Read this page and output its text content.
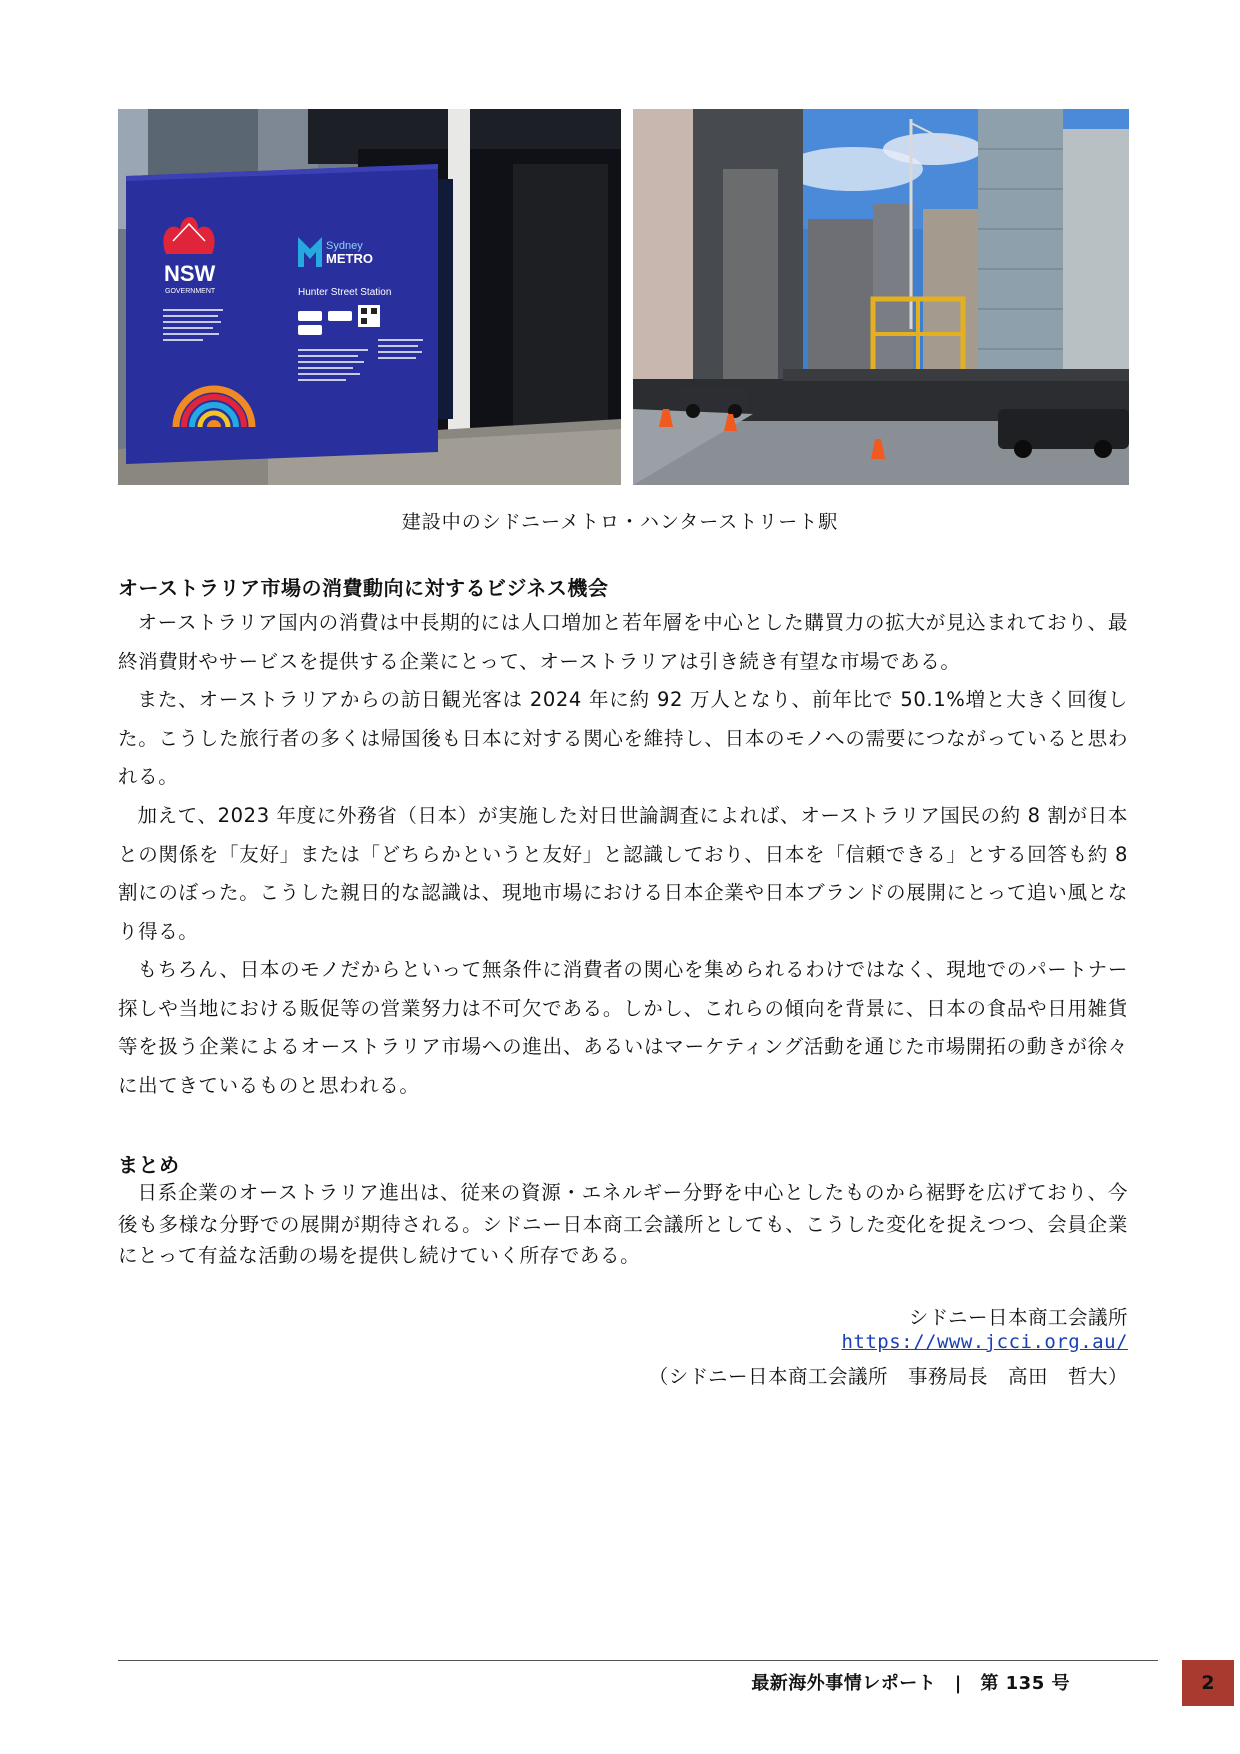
NSW
GOVERNMENT
Sydney
METRO
Hunter Street Station
建設中のシドニーメトロ・ハンターストリート駅
オーストラリア市場の消費動向に対するビジネス機会

オーストラリア国内の消費は中長期的には人口増加と若年層を中心とした購買力の拡大が見込まれており、最終消費財やサービスを提供する企業にとって、オーストラリアは引き続き有望な市場である。

また、オーストラリアからの訪日観光客は 2024 年に約 92 万人となり、前年比で 50.1%増と大きく回復した。こうした旅行者の多くは帰国後も日本に対する関心を維持し、日本のモノへの需要につながっていると思われる。

加えて、2023 年度に外務省（日本）が実施した対日世論調査によれば、オーストラリア国民の約 8 割が日本との関係を「友好」または「どちらかというと友好」と認識しており、日本を「信頼できる」とする回答も約 8 割にのぼった。こうした親日的な認識は、現地市場における日本企業や日本ブランドの展開にとって追い風となり得る。

もちろん、日本のモノだからといって無条件に消費者の関心を集められるわけではなく、現地でのパートナー探しや当地における販促等の営業努力は不可欠である。しかし、これらの傾向を背景に、日本の食品や日用雑貨等を扱う企業によるオーストラリア市場への進出、あるいはマーケティング活動を通じた市場開拓の動きが徐々に出てきているものと思われる。

まとめ

日系企業のオーストラリア進出は、従来の資源・エネルギー分野を中心としたものから裾野を広げており、今後も多様な分野での展開が期待される。シドニー日本商工会議所としても、こうした変化を捉えつつ、会員企業にとって有益な活動の場を提供し続けていく所存である。

シドニー日本商工会議所
https://www.jcci.org.au/
（シドニー日本商工会議所　事務局長　高田　哲大）
最新海外事情レポート　|　第 135 号	2
